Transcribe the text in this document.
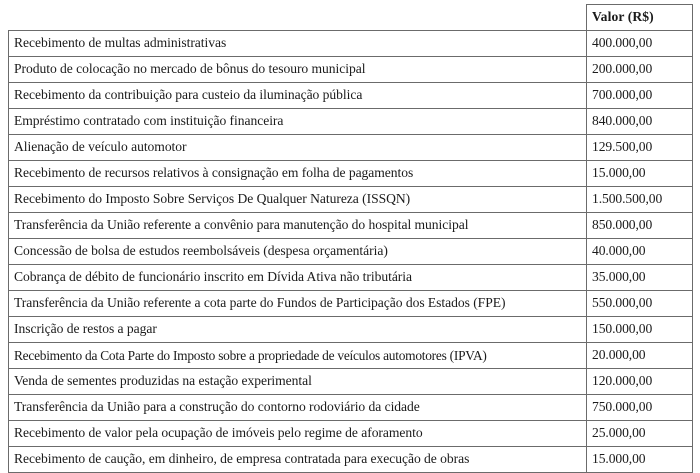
	Valor (R$)
Recebimento de multas administrativas	400.000,00
Produto de colocação no mercado de bônus do tesouro municipal	200.000,00
Recebimento da contribuição para custeio da iluminação pública	700.000,00
Empréstimo contratado com instituição financeira	840.000,00
Alienação de veículo automotor	129.500,00
Recebimento de recursos relativos à consignação em folha de pagamentos	15.000,00
Recebimento do Imposto Sobre Serviços De Qualquer Natureza (ISSQN)	1.500.500,00
Transferência da União referente a convênio para manutenção do hospital municipal	850.000,00
Concessão de bolsa de estudos reembolsáveis (despesa orçamentária)	40.000,00
Cobrança de débito de funcionário inscrito em Dívida Ativa não tributária	35.000,00
Transferência da União referente a cota parte do Fundos de Participação dos Estados (FPE)	550.000,00
Inscrição de restos a pagar	150.000,00
Recebimento da Cota Parte do Imposto sobre a propriedade de veículos automotores (IPVA)	20.000,00
Venda de sementes produzidas na estação experimental	120.000,00
Transferência da União para a construção do contorno rodoviário da cidade	750.000,00
Recebimento de valor pela ocupação de imóveis pelo regime de aforamento	25.000,00
Recebimento de caução, em dinheiro, de empresa contratada para execução de obras	15.000,00
